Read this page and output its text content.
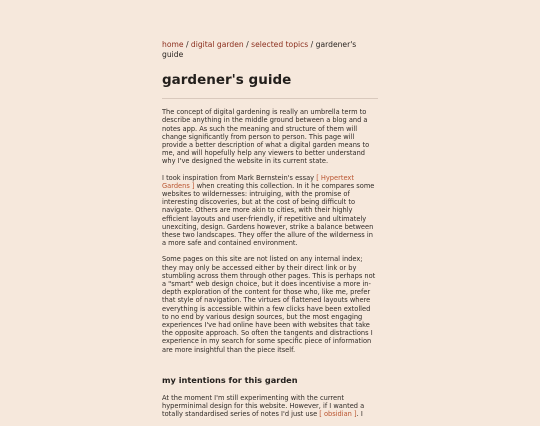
home / digital garden / selected topics / gardener's guide
gardener's guide

The concept of digital gardening is really an umbrella term to describe anything in the middle ground between a blog and a notes app. As such the meaning and structure of them will change significantly from person to person. This page will provide a better description of what a digital garden means to me, and will hopefully help any viewers to better understand why I've designed the website in its current state.

I took inspiration from Mark Bernstein's essay [ Hypertext Gardens ] when creating this collection. In it he compares some websites to wildernesses: intruiging, with the promise of interesting discoveries, but at the cost of being difficult to navigate. Others are more akin to cities, with their highly efficient layouts and user-friendly, if repetitive and ultimately unexciting, design. Gardens however, strike a balance between these two landscapes. They offer the allure of the wilderness in a more safe and contained environment.

Some pages on this site are not listed on any internal index; they may only be accessed either by their direct link or by stumbling across them through other pages. This is perhaps not a "smart" web design choice, but it does incentivise a more in-depth exploration of the content for those who, like me, prefer that style of navigation. The virtues of flattened layouts where everything is accessible within a few clicks have been extolled to no end by various design sources, but the most engaging experiences I've had online have been with websites that take the opposite approach. So often the tangents and distractions I experience in my search for some specific piece of information are more insightful than the piece itself.

my intentions for this garden

At the moment I'm still experimenting with the current hyperminimal design for this website. However, if I wanted a totally standardised series of notes I'd just use [ obsidian ]. I
